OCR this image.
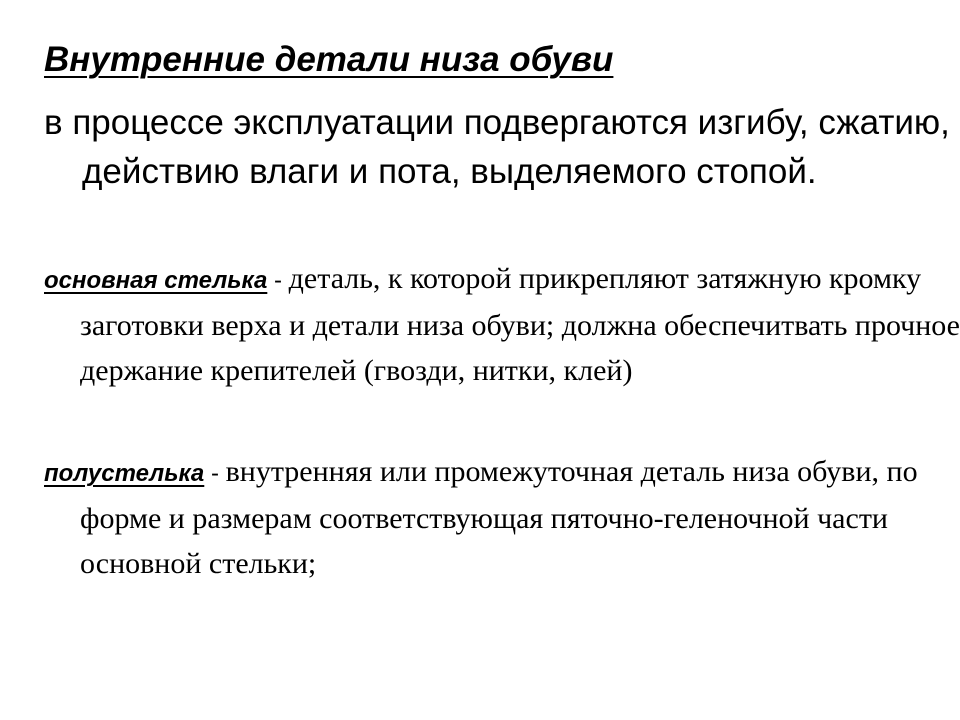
Внутренние детали низа обуви
в процессе эксплуатации подвергаются изгибу, сжатию, действию влаги и пота, выделяемого стопой.
основная стелька - деталь, к которой прикрепляют затяжную кромку заготовки верха и детали низа обуви; должна обеспечитвать прочное держание крепителей (гвозди, нитки, клей)
полустелька - внутренняя или промежуточная деталь низа обуви, по форме и размерам соответствующая пяточно-геленочной части основной стельки;
